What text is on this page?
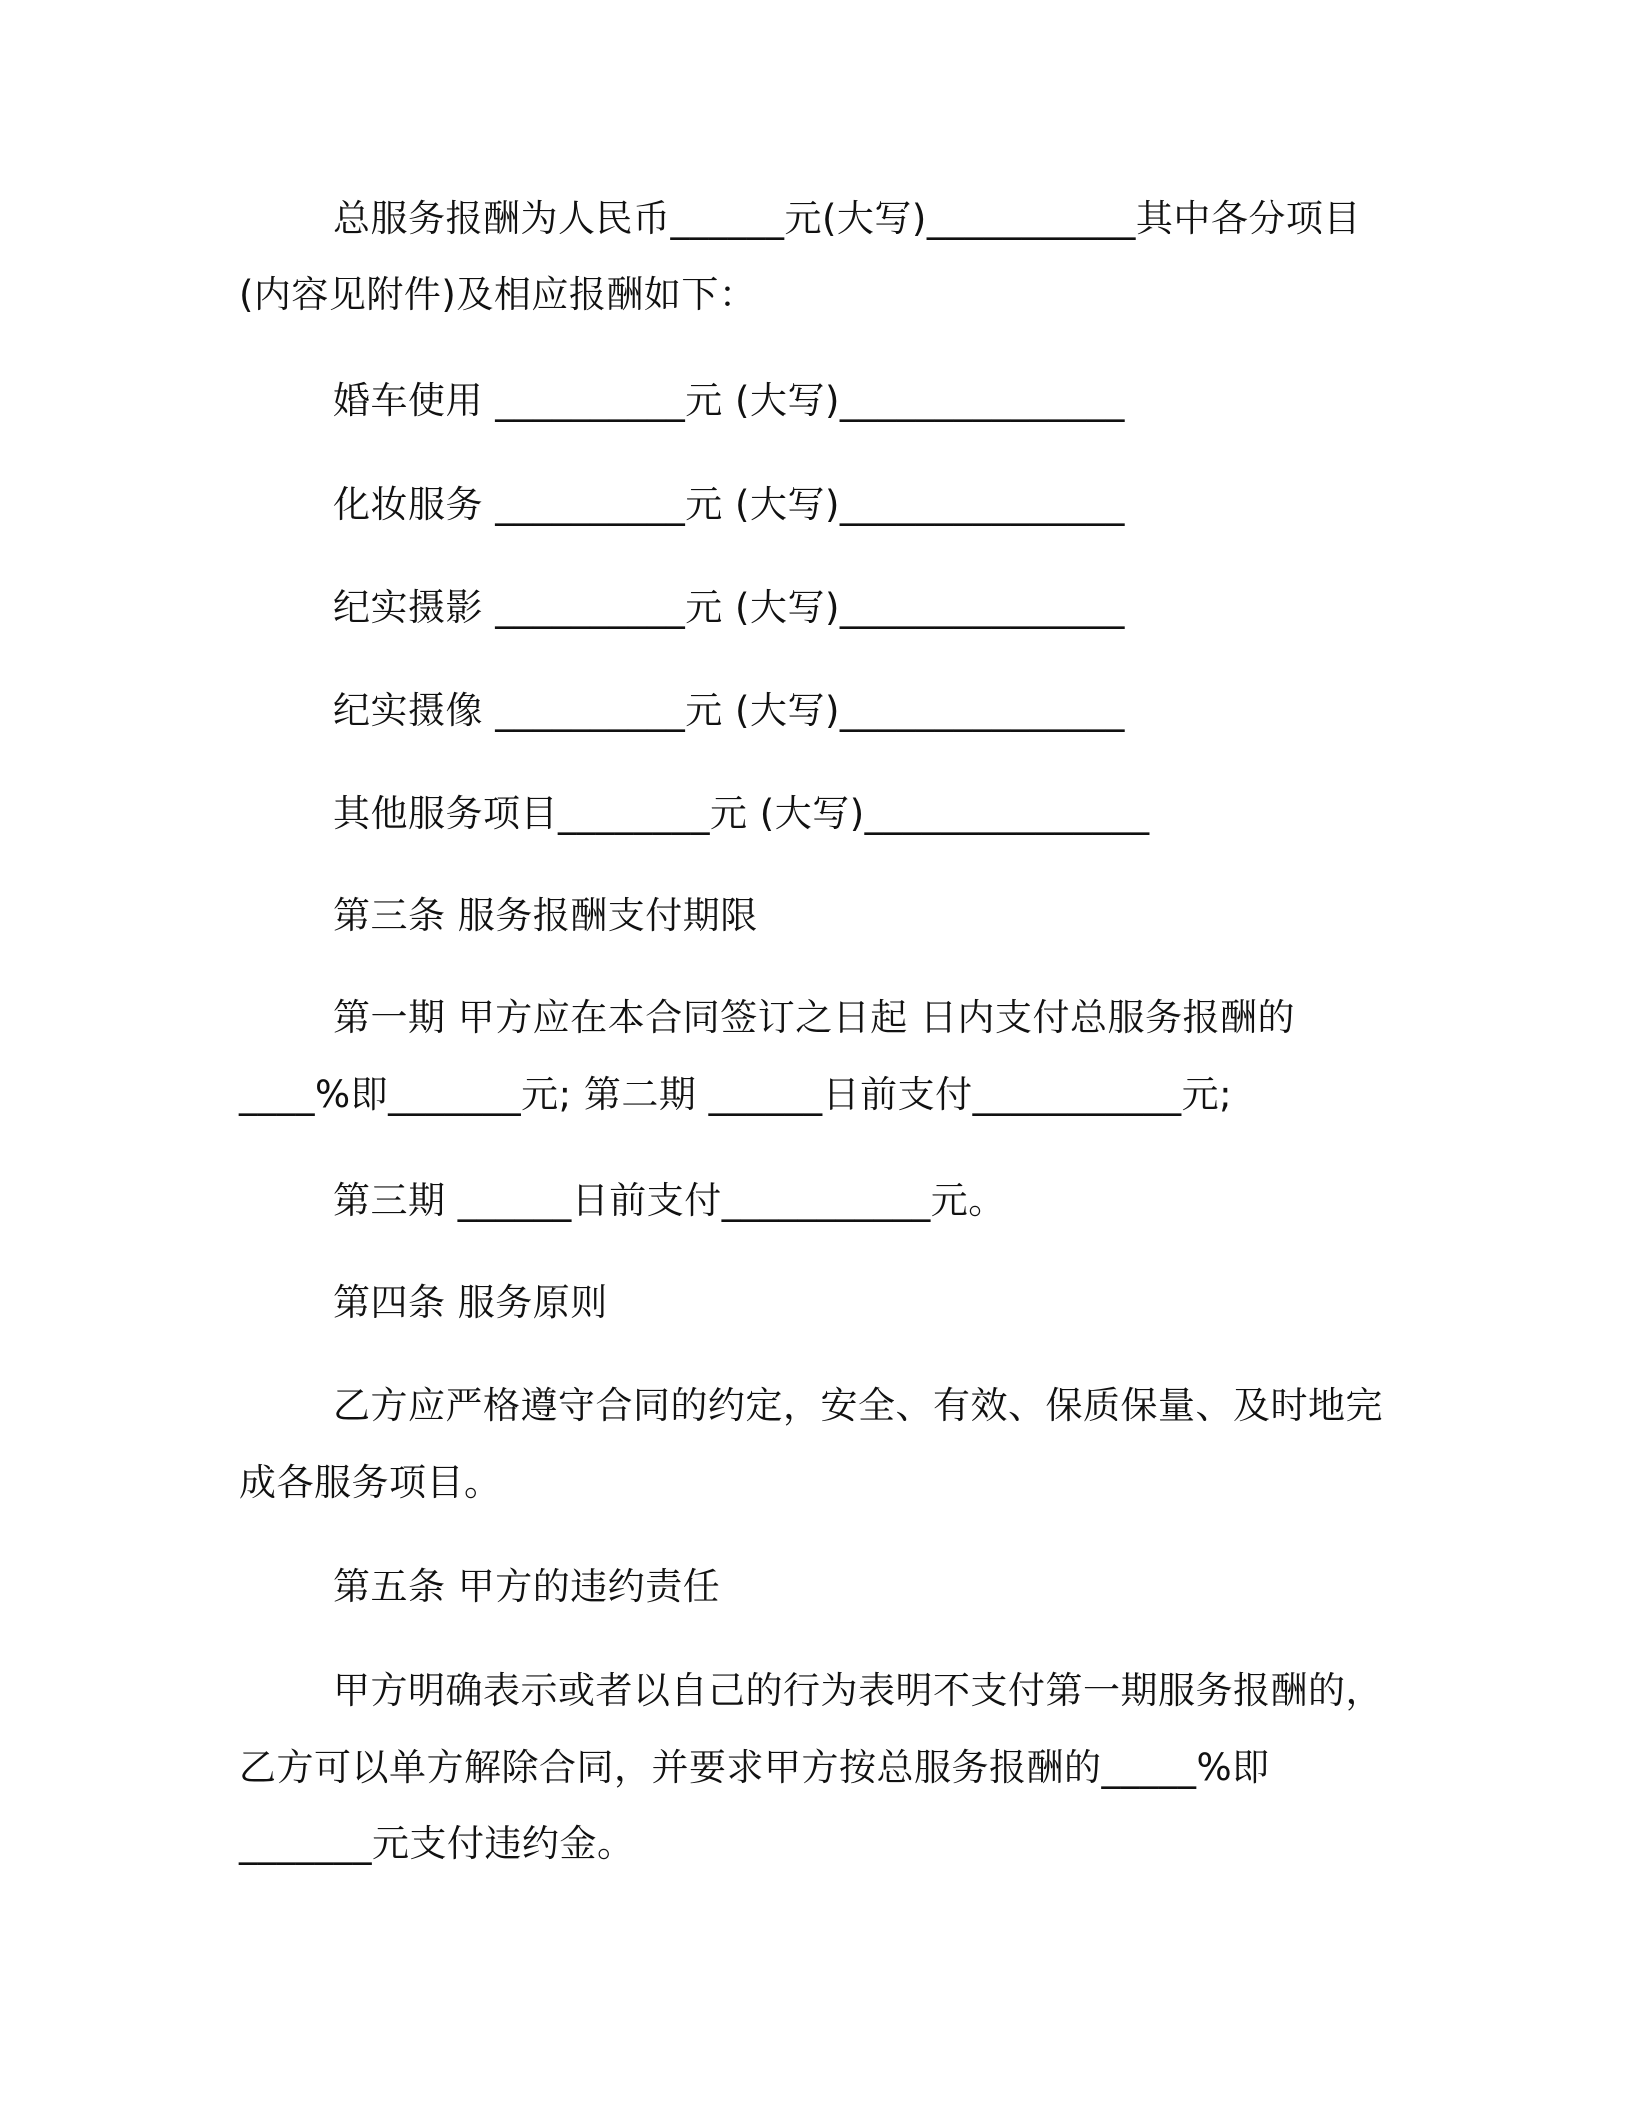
总服务报酬为人民币______元(大写)___________其中各分项目
(内容见附件)及相应报酬如下：
婚车使用 __________元 (大写)_______________
化妆服务 __________元 (大写)_______________
纪实摄影 __________元 (大写)_______________
纪实摄像 __________元 (大写)_______________
其他服务项目________元 (大写)_______________
第三条 服务报酬支付期限
第一期 甲方应在本合同签订之日起 日内支付总服务报酬的
____%即_______元; 第二期 ______日前支付___________元;
第三期 ______日前支付___________元。
第四条 服务原则
乙方应严格遵守合同的约定，安全、有效、保质保量、及时地完
成各服务项目。
第五条 甲方的违约责任
甲方明确表示或者以自己的行为表明不支付第一期服务报酬的，
乙方可以单方解除合同，并要求甲方按总服务报酬的_____%即
_______元支付违约金。
